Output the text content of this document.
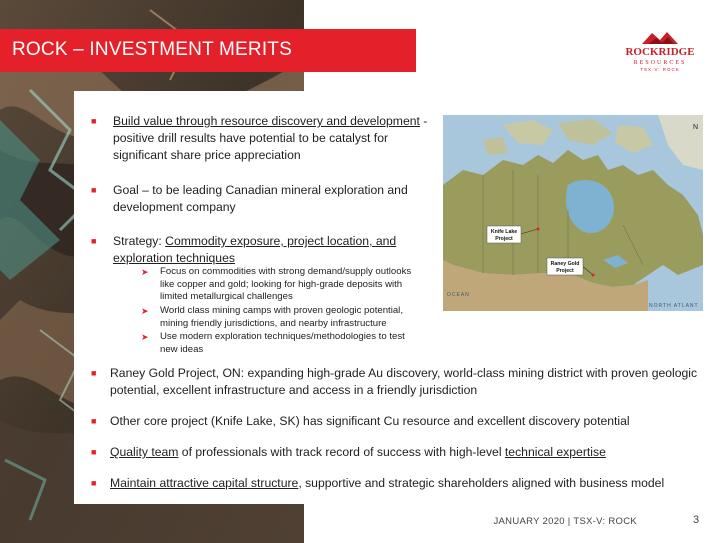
ROCK – INVESTMENT MERITS	ROCKRIDGE
RESOURCES
TSX-V: ROCK
■ Build value through resource discovery and development -
positive drill results have potential to be catalyst for
significant share price appreciation
■ Goal – to be leading Canadian mineral exploration and
development company
■ Strategy: Commodity exposure, project location, and
exploration techniques
➤ Focus on commodities with strong demand/supply outlooks
like copper and gold; looking for high-grade deposits with
limited metallurgical challenges
➤ World class mining camps with proven geologic potential,
mining friendly jurisdictions, and nearby infrastructure
➤ Use modern exploration techniques/methodologies to test
new ideas
■ Raney Gold Project, ON: expanding high-grade Au discovery, world-class mining district with proven geologic
potential, excellent infrastructure and access in a friendly jurisdiction
■ Other core project (Knife Lake, SK) has significant Cu resource and excellent discovery potential
■ Quality team of professionals with track record of success with high-level technical expertise
■ Maintain attractive capital structure, supportive and strategic shareholders aligned with business model
N
OCEAN
NORTH ATLANT
Knife Lake
Project
Raney Gold
Project
JANUARY 2020 | TSX-V: ROCK	3
